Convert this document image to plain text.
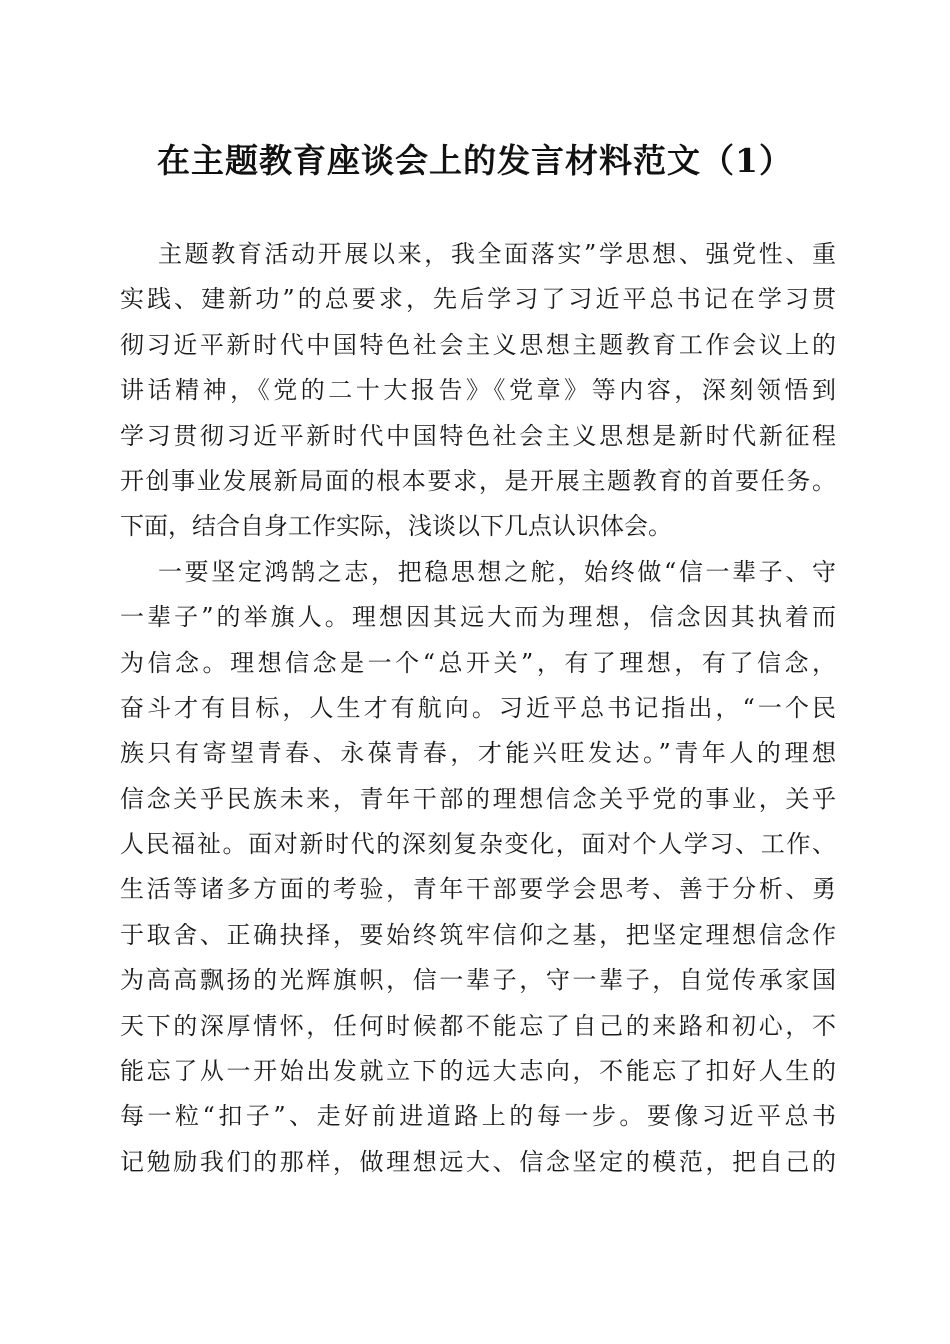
在主题教育座谈会上的发言材料范文（1）
主题教育活动开展以来，我全面落实”学思想、强党性、重
实践、建新功”的总要求，先后学习了习近平总书记在学习贯
彻习近平新时代中国特色社会主义思想主题教育工作会议上的
讲话精神，《党的二十大报告》《党章》等内容，深刻领悟到
学习贯彻习近平新时代中国特色社会主义思想是新时代新征程
开创事业发展新局面的根本要求，是开展主题教育的首要任务。
下面，结合自身工作实际，浅谈以下几点认识体会。
一要坚定鸿鹄之志，把稳思想之舵，始终做“信一辈子、守
一辈子”的举旗人。理想因其远大而为理想，信念因其执着而
为信念。理想信念是一个“总开关”，有了理想，有了信念，
奋斗才有目标，人生才有航向。习近平总书记指出，“一个民
族只有寄望青春、永葆青春，才能兴旺发达。”青年人的理想
信念关乎民族未来，青年干部的理想信念关乎党的事业，关乎
人民福祉。面对新时代的深刻复杂变化，面对个人学习、工作、
生活等诸多方面的考验，青年干部要学会思考、善于分析、勇
于取舍、正确抉择，要始终筑牢信仰之基，把坚定理想信念作
为高高飘扬的光辉旗帜，信一辈子，守一辈子，自觉传承家国
天下的深厚情怀，任何时候都不能忘了自己的来路和初心，不
能忘了从一开始出发就立下的远大志向，不能忘了扣好人生的
每一粒“扣子”、走好前进道路上的每一步。要像习近平总书
记勉励我们的那样，做理想远大、信念坚定的模范，把自己的
